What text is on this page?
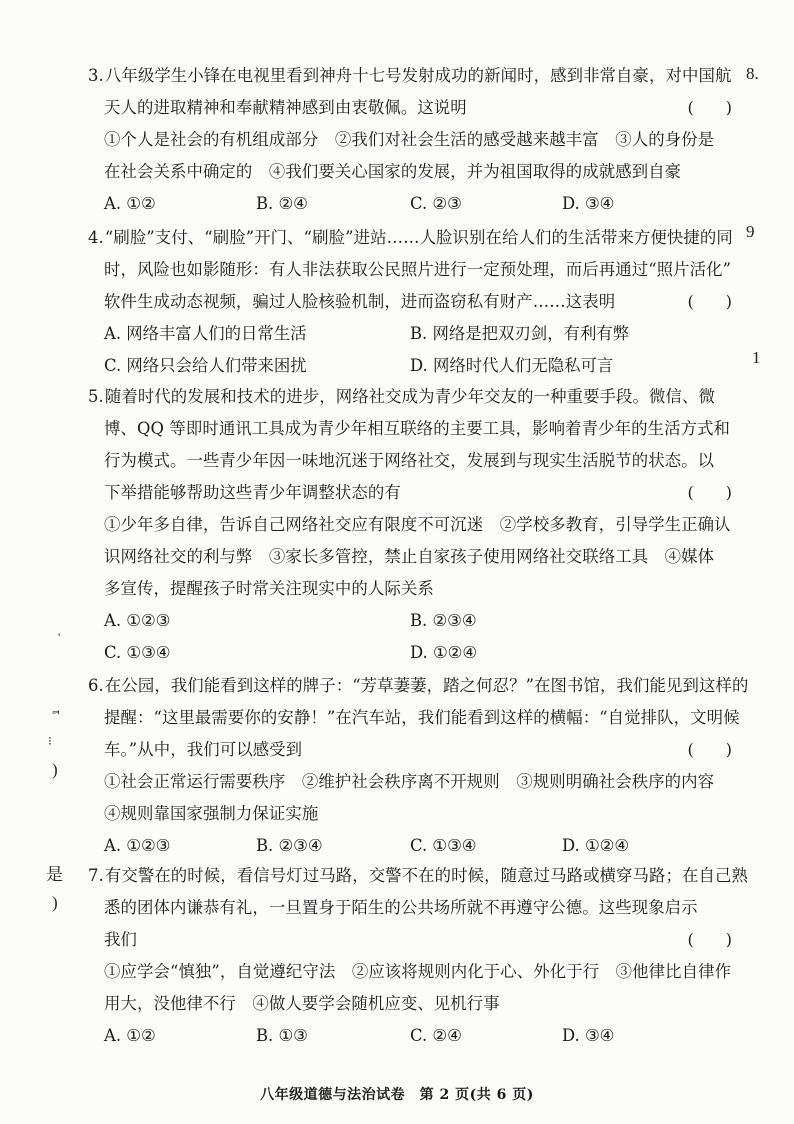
8.
9
1
'
ᆿ
⁝
)
是
)
3.八年级学生小锋在电视里看到神舟十七号发射成功的新闻时，感到非常自豪，对中国航
天人的进取精神和奉献精神感到由衷敬佩。这说明	(　　)
①个人是社会的有机组成部分　②我们对社会生活的感受越来越丰富　③人的身份是
在社会关系中确定的　④我们要关心国家的发展，并为祖国取得的成就感到自豪
A. ①②	B. ②④	C. ②③	D. ③④
4.“刷脸”支付、“刷脸”开门、“刷脸”进站……人脸识别在给人们的生活带来方便快捷的同
时，风险也如影随形：有人非法获取公民照片进行一定预处理，而后再通过“照片活化”
软件生成动态视频，骗过人脸核验机制，进而盗窃私有财产……这表明	(　　)
A. 网络丰富人们的日常生活	B. 网络是把双刃剑，有利有弊
C. 网络只会给人们带来困扰	D. 网络时代人们无隐私可言
5.随着时代的发展和技术的进步，网络社交成为青少年交友的一种重要手段。微信、微
博、QQ 等即时通讯工具成为青少年相互联络的主要工具，影响着青少年的生活方式和
行为模式。一些青少年因一味地沉迷于网络社交，发展到与现实生活脱节的状态。以
下举措能够帮助这些青少年调整状态的有	(　　)
①少年多自律，告诉自己网络社交应有限度不可沉迷　②学校多教育，引导学生正确认
识网络社交的利与弊　③家长多管控，禁止自家孩子使用网络社交联络工具　④媒体
多宣传，提醒孩子时常关注现实中的人际关系
A. ①②③	B. ②③④
C. ①③④	D. ①②④
6.在公园，我们能看到这样的牌子：“芳草萋萋，踏之何忍？”在图书馆，我们能见到这样的
提醒：“这里最需要你的安静！”在汽车站，我们能看到这样的横幅：“自觉排队，文明候
车。”从中，我们可以感受到	(　　)
①社会正常运行需要秩序　②维护社会秩序离不开规则　③规则明确社会秩序的内容
④规则靠国家强制力保证实施
A. ①②③	B. ②③④	C. ①③④	D. ①②④
7.有交警在的时候，看信号灯过马路，交警不在的时候，随意过马路或横穿马路；在自己熟
悉的团体内谦恭有礼，一旦置身于陌生的公共场所就不再遵守公德。这些现象启示
我们	(　　)
①应学会“慎独”，自觉遵纪守法　②应该将规则内化于心、外化于行　③他律比自律作
用大，没他律不行　④做人要学会随机应变、见机行事
A. ①②	B. ①③	C. ②④	D. ③④
八年级道德与法治试卷　第 2 页(共 6 页)
